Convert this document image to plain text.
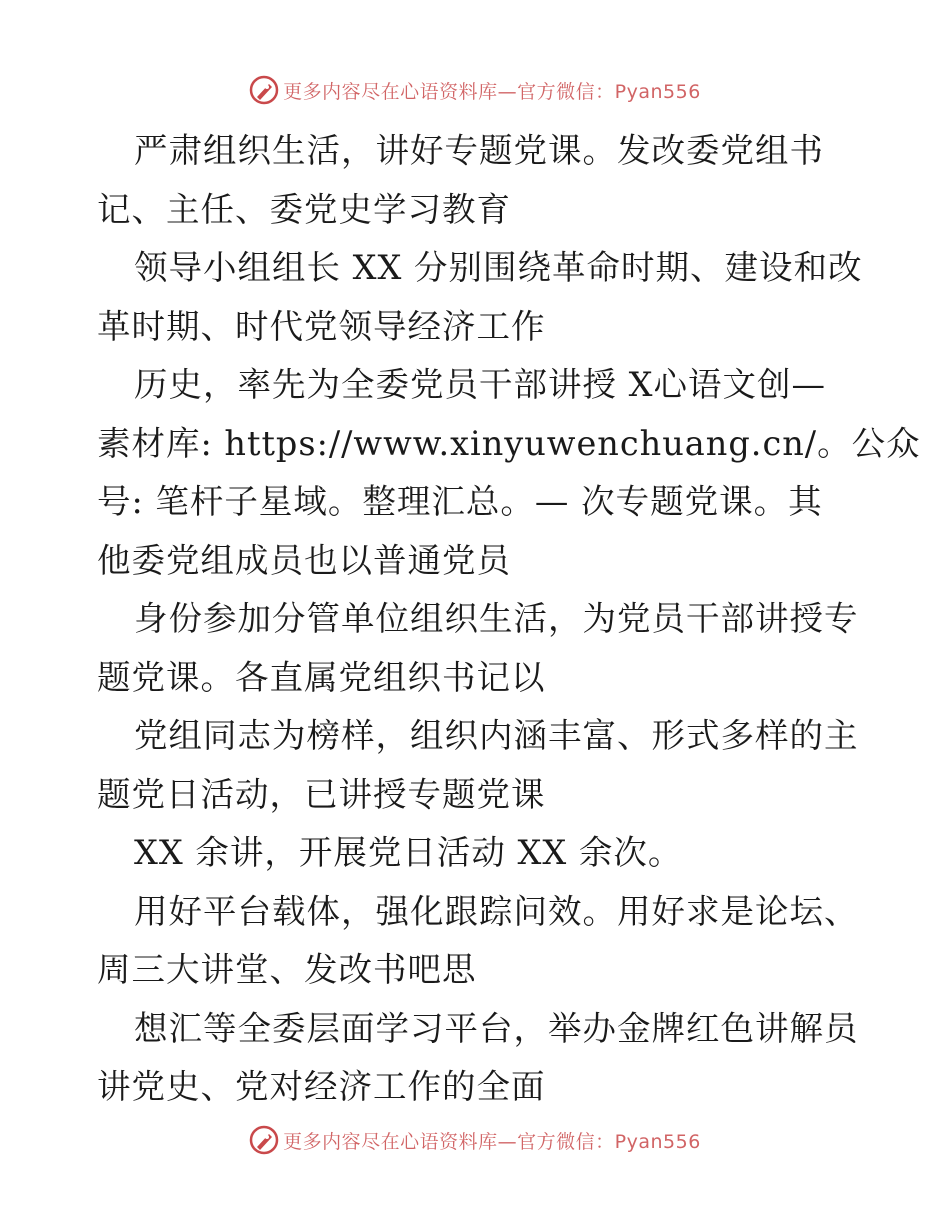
更多内容尽在心语资料库—官方微信：Pyan556
严肃组织生活，讲好专题党课。发改委党组书
记、主任、委党史学习教育
领导小组组长 XX 分别围绕革命时期、建设和改
革时期、时代党领导经济工作
历史，率先为全委党员干部讲授 X心语文创—
素材库: https://www.xinyuwenchuang.cn/。公众
号: 笔杆子星域。整理汇总。— 次专题党课。其
他委党组成员也以普通党员
身份参加分管单位组织生活，为党员干部讲授专
题党课。各直属党组织书记以
党组同志为榜样，组织内涵丰富、形式多样的主
题党日活动，已讲授专题党课
XX 余讲，开展党日活动 XX 余次。
用好平台载体，强化跟踪问效。用好求是论坛、
周三大讲堂、发改书吧思
想汇等全委层面学习平台，举办金牌红色讲解员
讲党史、党对经济工作的全面
更多内容尽在心语资料库—官方微信：Pyan556
